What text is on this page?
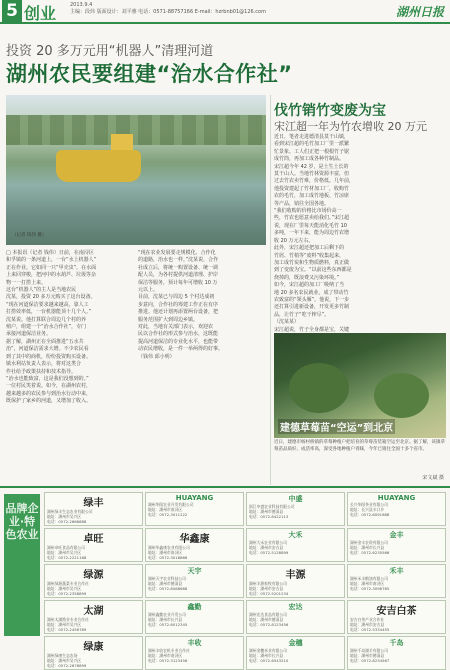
5 创业	2013.9.4
主编：段炜 版面设计：刘平雅 电话：0571-88757166 E-mail：hzrbnb01@126.com	湖州日报
投资 20 多万元用“机器人”清理河道
湖州农民要组建“治水合作社”
（记者 钱伟 摄）
□ 本报讯（记者 钱伟）日前，在南浔区
和孚镇的一条河道上，一台“水上机器人”
正在作业。它如同一只“甲壳虫”，在水面
上来回穿梭，把河中的水葫芦、垃圾等杂
物一一打捞上来。
这台“机器人”的主人是当地农民
沈某，投资 20 多万元购买了这台设备。
“现在河道保洁要求越来越高，靠人工
打捞效率低，一台机器能顶十几个人。”
沈某说。他打算联合周边几个村的养
殖户，组建一个“治水合作社”，专门
承接河道保洁业务。
据了解，湖州正在全面推进“五水共
治”，河道保洁需求大增。不少农民看
到了其中的商机，纷纷投资购买设备。
镇水利站负责人表示，将对这类合
作社给予政策扶持和技术指导。
“治水也能致富，这是我们没想到的。”
一位村民笑着说。如今，在湖州农村，
越来越多的农民参与到治水行动中来，
既保护了家乡的河道，又增加了收入。
“现在农业发展要走规模化、合作化
的道路，治水也一样。”沈某说，合作
社成立后，将统一购置设备、统一调
配人员，为各村提供河道清理、护岸
保洁等服务，预计每年可增收 10 万
元以上。
目前，沈某已与周边 5 个村达成初
步意向，合作社的筹建工作正在有序
推进。他还计划再添置两台设备，把
服务范围扩大到周边乡镇。
对此，当地有关部门表示，欢迎农
民以合作社的形式参与治水，这既能
提高河道保洁的专业化水平，也能带
动农民增收，是一件一举两得的好事。
（钱伟 邱小明）
伐竹销竹变废为宝
宋江超一年为竹农增收 20 万元
近日，笔者走进德清县莫干山镇，
看到宋江超的毛竹加工厂里一派繁
忙景象。工人们正把一根根竹子锯
成竹筒，再加工成各种竹制品。
宋江超今年 42 岁，是土生土长的
莫干山人。当地竹林资源丰富，但
过去竹农卖竹难，价格低。几年前，
他投资建起了竹材加工厂，收购竹
农的毛竹，加工成竹地板、竹凉席
等产品，销往全国各地。
“我们收购的价格比市场价高一
些，竹农也愿意卖给我们。”宋江超
说，现在厂里每天能消化毛竹 10
多吨，一年下来，能为周边竹农增
收 20 万元左右。
此外，宋江超还把加工后剩下的
竹屑、竹梢等“废料”收集起来，
加工成竹炭和生物质燃料，真正做
到了变废为宝。“以前这些东西都是
烧掉的，既浪费又污染环境。”
如今，宋江超的加工厂吸纳了当
地 20 多名农民就业，成了带动竹
农致富的“领头雁”。他说，下一步
还打算引进新设备，开发更多竹制
品，让竹子“吃干榨尽”。
（沈某某）
宋江超说，竹子全身都是宝，关键
建德草莓苗“空运”到北京
近日，建德市杨村桥镇的草莓种植户把培育的草莓苗装箱空运至北京。据了解，该镇草莓苗品质好、成活率高，深受各地种植户青睐，今年已销往全国十多个省市。
宋文斌 摄
品牌企业·特色农业
绿丰
湖州绿丰生态农业有限公司
地址：湖州市吴兴区
电话：0572-2666888
HUAYANG
湖州华阳农业开发有限公司
地址：湖州市南浔区
电话：0572-3011222
中盛
浙江中盛农业科技有限公司
地址：湖州市德清县
电话：0572-8422113
HUAYANG
长兴华阳茶业有限公司
地址：长兴县水口乡
电话：0572-6091688
卓旺
湖州卓旺食品有限公司
地址：湖州市吴兴区
电话：0572-2221168
华鑫康
湖州华鑫康农业有限公司
地址：湖州市南浔区
电话：0572-3018866
大禾
湖州大禾农业有限公司
地址：湖州市安吉县
电话：0572-5128899
金丰
湖州金丰农资有限公司
地址：湖州市长兴县
电话：0572-6235566
绿源
湖州绿源蔬菜专业合作社
地址：湖州市吴兴区
电话：0572-2358899
天宇
湖州天宇农业科技公司
地址：湖州市德清县
电话：0572-8088668
丰源
湖州丰源畜牧有限公司
地址：湖州市安吉县
电话：0572-5201234
禾丰
湖州禾丰粮油有限公司
地址：湖州市南浔区
电话：0572-3098765
太湖
湖州太湖渔业专业合作社
地址：湖州市吴兴区
电话：0572-2456789
鑫勤
湖州鑫勤农业开发公司
地址：湖州市长兴县
电话：0572-6012345
宏达
湖州宏达食品有限公司
地址：湖州市德清县
电话：0572-8123456
安吉白茶
安吉白茶产业合作社
地址：湖州市安吉县
电话：0572-5334455
绿康
湖州绿康生态农场
地址：湖州市吴兴区
电话：0572-2678899
丰收
湖州丰收农机专业合作社
地址：湖州市南浔区
电话：0572-3123456
金穗
湖州金穗米业有限公司
地址：湖州市长兴县
电话：0572-6543210
千岛
湖州千岛湖羊有限公司
地址：湖州市德清县
电话：0572-8234567
